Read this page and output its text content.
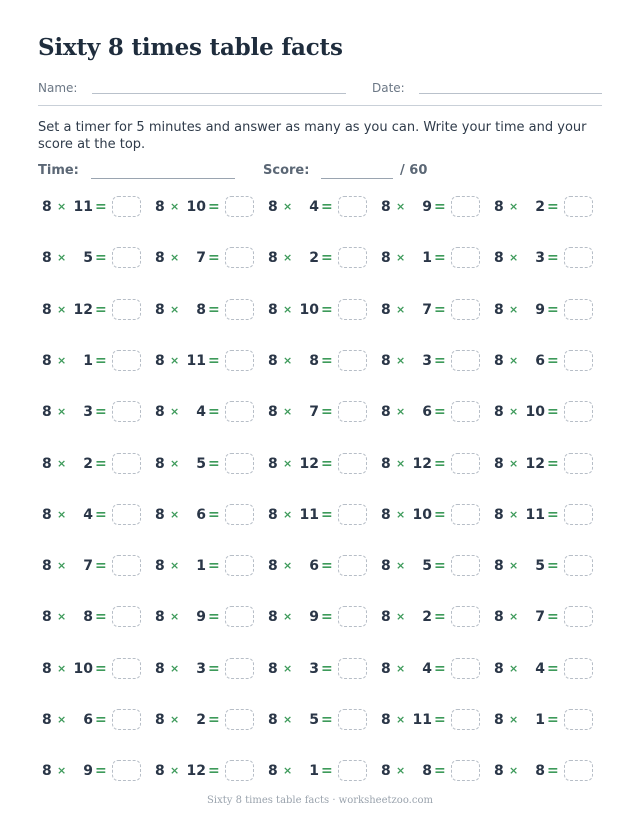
Sixty 8 times table facts
Name:	Date:

Set a timer for 5 minutes and answer as many as you can. Write your time and your score at the top.

Time:	Score:	/ 60
8 × 11 =	8 × 10 =	8 × 4 =	8 × 9 =	8 × 2 =
8 × 5 =	8 × 7 =	8 × 2 =	8 × 1 =	8 × 3 =
8 × 12 =	8 × 8 =	8 × 10 =	8 × 7 =	8 × 9 =
8 × 1 =	8 × 11 =	8 × 8 =	8 × 3 =	8 × 6 =
8 × 3 =	8 × 4 =	8 × 7 =	8 × 6 =	8 × 10 =
8 × 2 =	8 × 5 =	8 × 12 =	8 × 12 =	8 × 12 =
8 × 4 =	8 × 6 =	8 × 11 =	8 × 10 =	8 × 11 =
8 × 7 =	8 × 1 =	8 × 6 =	8 × 5 =	8 × 5 =
8 × 8 =	8 × 9 =	8 × 9 =	8 × 2 =	8 × 7 =
8 × 10 =	8 × 3 =	8 × 3 =	8 × 4 =	8 × 4 =
8 × 6 =	8 × 2 =	8 × 5 =	8 × 11 =	8 × 1 =
8 × 9 =	8 × 12 =	8 × 1 =	8 × 8 =	8 × 8 =
Sixty 8 times table facts · worksheetzoo.com
